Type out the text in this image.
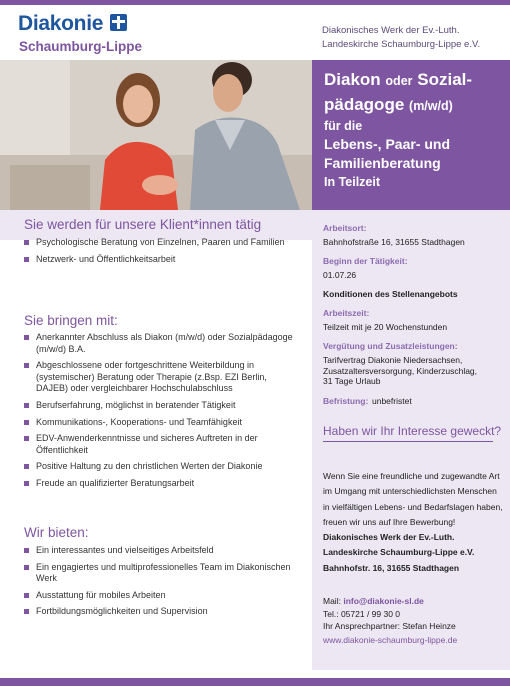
Diakonie
Schaumburg-Lippe
Diakonisches Werk der Ev.-Luth.
Landeskirche Schaumburg-Lippe e.V.
Diakon oder Sozial-
pädagoge (m/w/d)
für die
Lebens-, Paar- und
Familienberatung
In Teilzeit
Sie werden für unsere Klient*innen tätig
Psychologische Beratung von Einzelnen, Paaren und Familien
Netzwerk- und Öffentlichkeitsarbeit
Sie bringen mit:
Anerkannter Abschluss als Diakon (m/w/d) oder Sozialpädagoge (m/w/d) B.A.
Abgeschlossene oder fortgeschrittene Weiterbildung in (systemischer) Beratung oder Therapie (z.Bsp. EZI Berlin, DAJEB) oder vergleichbarer Hochschulabschluss
Berufserfahrung, möglichst in beratender Tätigkeit
Kommunikations-, Kooperations- und Teamfähigkeit
EDV-Anwenderkenntnisse und sicheres Auftreten in der Öffentlichkeit
Positive Haltung zu den christlichen Werten der Diakonie
Freude an qualifizierter Beratungsarbeit
Wir bieten:
Ein interessantes und vielseitiges Arbeitsfeld
Ein engagiertes und multiprofessionelles Team im Diakonischen Werk
Ausstattung für mobiles Arbeiten
Fortbildungsmöglichkeiten und Supervision
Arbeitsort:
Bahnhofstraße 16, 31655 Stadthagen
Beginn der Tätigkeit:
01.07.26
Konditionen des Stellenangebots
Arbeitszeit:
Teilzeit mit je 20 Wochenstunden
Vergütung und Zusatzleistungen:
Tarifvertrag Diakonie Niedersachsen,
Zusatzaltersversorgung, Kinderzuschlag,
31 Tage Urlaub
Befristung: unbefristet
Haben wir Ihr Interesse geweckt?
Wenn Sie eine freundliche und zugewandte Art im Umgang mit unterschiedlichsten Menschen in vielfältigen Lebens- und Bedarfslagen haben, freuen wir uns auf Ihre Bewerbung!
Diakonisches Werk der Ev.-Luth.
Landeskirche Schaumburg-Lippe e.V.
Bahnhofstr. 16, 31655 Stadthagen
Mail: info@diakonie-sl.de
Tel.: 05721 / 99 30 0
Ihr Ansprechpartner: Stefan Heinze
www.diakonie-schaumburg-lippe.de
